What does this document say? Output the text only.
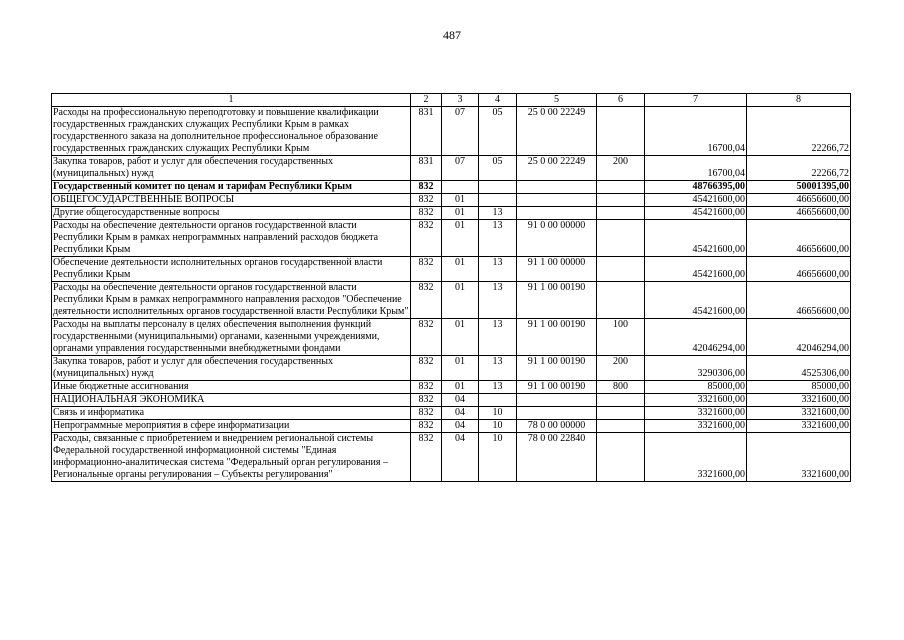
487
1	2	3	4	5	6	7	8
Расходы на профессиональную переподготовку и повышение квалификации государственных гражданских служащих Республики Крым в рамках государственного заказа на дополнительное профессиональное образование государственных гражданских служащих Республики Крым	831	07	05	25 0 00 22249		16700,04	22266,72
Закупка товаров, работ и услуг для обеспечения государственных (муниципальных) нужд	831	07	05	25 0 00 22249	200	16700,04	22266,72
Государственный комитет по ценам и тарифам Республики Крым	832					48766395,00	50001395,00
ОБЩЕГОСУДАРСТВЕННЫЕ ВОПРОСЫ	832	01				45421600,00	46656600,00
Другие общегосударственные вопросы	832	01	13			45421600,00	46656600,00
Расходы на обеспечение деятельности органов государственной власти Республики Крым в рамках непрограммных направлений расходов бюджета Республики Крым	832	01	13	91 0 00 00000		45421600,00	46656600,00
Обеспечение деятельности исполнительных органов государственной власти Республики Крым	832	01	13	91 1 00 00000		45421600,00	46656600,00
Расходы на обеспечение деятельности органов государственной власти Республики Крым в рамках непрограммного направления расходов "Обеспечение деятельности исполнительных органов государственной власти Республики Крым"	832	01	13	91 1 00 00190		45421600,00	46656600,00
Расходы на выплаты персоналу в целях обеспечения выполнения функций государственными (муниципальными) органами, казенными учреждениями, органами управления государственными внебюджетными фондами	832	01	13	91 1 00 00190	100	42046294,00	42046294,00
Закупка товаров, работ и услуг для обеспечения государственных (муниципальных) нужд	832	01	13	91 1 00 00190	200	3290306,00	4525306,00
Иные бюджетные ассигнования	832	01	13	91 1 00 00190	800	85000,00	85000,00
НАЦИОНАЛЬНАЯ ЭКОНОМИКА	832	04				3321600,00	3321600,00
Связь и информатика	832	04	10			3321600,00	3321600,00
Непрограммные мероприятия в сфере информатизации	832	04	10	78 0 00 00000		3321600,00	3321600,00
Расходы, связанные с приобретением и внедрением региональной системы Федеральной государственной информационной системы "Единая информационно-аналитическая система "Федеральный орган регулирования – Региональные органы регулирования – Субъекты регулирования"	832	04	10	78 0 00 22840		3321600,00	3321600,00
